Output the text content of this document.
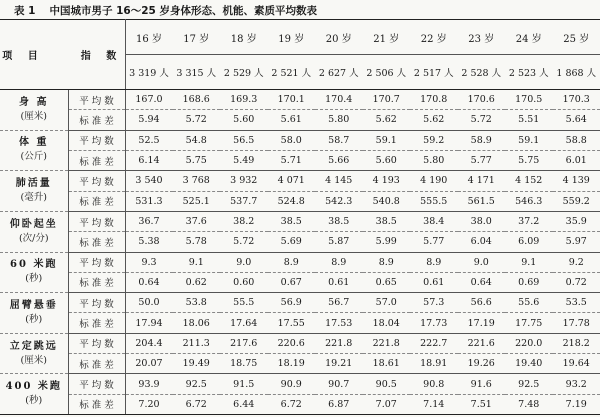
表 1 中国城市男子 16～25 岁身体形态、机能、素质平均数表
项 目 指 数		16 岁	17 岁	18 岁	19 岁	20 岁	21 岁	22 岁	23 岁	24 岁	25 岁
		3 319 人	3 315 人	2 529 人	2 521 人	2 627 人	2 506 人	2 517 人	2 528 人	2 523 人	1 868 人

身 高
(厘米)	平 均 数	167.0	168.6	169.3	170.1	170.4	170.7	170.8	170.6	170.5	170.3
	标 准 差	5.94	5.72	5.60	5.61	5.80	5.62	5.62	5.72	5.51	5.64

体 重
(公斤)	平 均 数	52.5	54.8	56.5	58.0	58.7	59.1	59.2	58.9	59.1	58.8
	标 准 差	6.14	5.75	5.49	5.71	5.66	5.60	5.80	5.77	5.75	6.01

肺活量
(毫升)	平 均 数	3 540	3 768	3 932	4 071	4 145	4 193	4 190	4 171	4 152	4 139
	标 准 差	531.3	525.1	537.7	524.8	542.3	540.8	555.5	561.5	546.3	559.2

仰卧起坐
(次/分)	平 均 数	36.7	37.6	38.2	38.5	38.5	38.5	38.4	38.0	37.2	35.9
	标 准 差	5.38	5.78	5.72	5.69	5.87	5.99	5.77	6.04	6.09	5.97

60 米跑
(秒)	平 均 数	9.3	9.1	9.0	8.9	8.9	8.9	8.9	9.0	9.1	9.2
	标 准 差	0.64	0.62	0.60	0.67	0.61	0.65	0.61	0.64	0.69	0.72

屈臂悬垂
(秒)	平 均 数	50.0	53.8	55.5	56.9	56.7	57.0	57.3	56.6	55.6	53.5
	标 准 差	17.94	18.06	17.64	17.55	17.53	18.04	17.73	17.19	17.75	17.78

立定跳远
(厘米)	平 均 数	204.4	211.3	217.6	220.6	221.8	221.8	222.7	221.6	220.0	218.2
	标 准 差	20.07	19.49	18.75	18.19	19.21	18.61	18.91	19.26	19.40	19.64

400 米跑
(秒)	平 均 数	93.9	92.5	91.5	90.9	90.7	90.5	90.8	91.6	92.5	93.2
	标 准 差	7.20	6.72	6.44	6.72	6.87	7.07	7.14	7.51	7.48	7.19
